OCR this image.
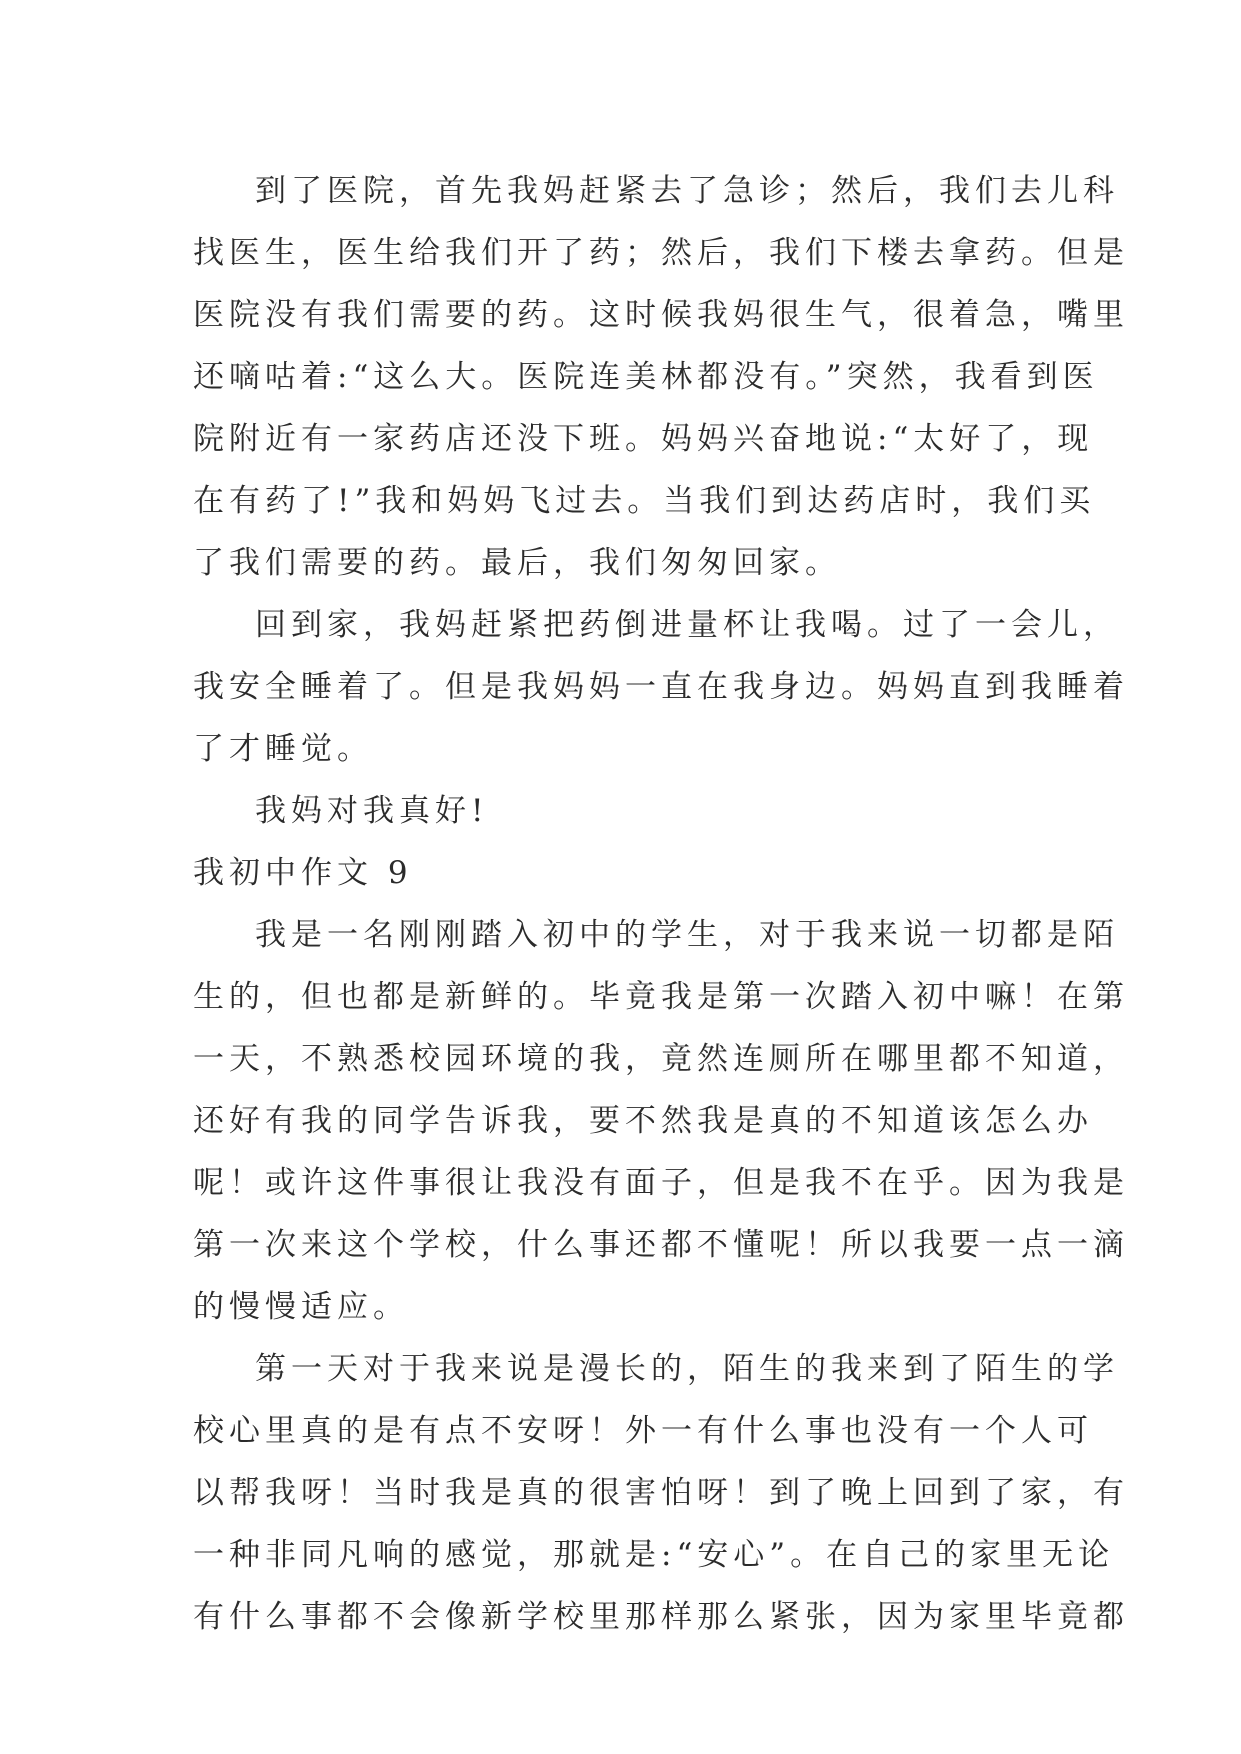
到了医院，首先我妈赶紧去了急诊；然后，我们去儿科
找医生，医生给我们开了药；然后，我们下楼去拿药。但是
医院没有我们需要的药。这时候我妈很生气，很着急，嘴里
还嘀咕着:“这么大。医院连美林都没有。”突然，我看到医
院附近有一家药店还没下班。妈妈兴奋地说:“太好了，现
在有药了!”我和妈妈飞过去。当我们到达药店时，我们买
了我们需要的药。最后，我们匆匆回家。
回到家，我妈赶紧把药倒进量杯让我喝。过了一会儿，
我安全睡着了。但是我妈妈一直在我身边。妈妈直到我睡着
了才睡觉。
我妈对我真好!
我初中作文 9
我是一名刚刚踏入初中的学生，对于我来说一切都是陌
生的，但也都是新鲜的。毕竟我是第一次踏入初中嘛！在第
一天，不熟悉校园环境的我，竟然连厕所在哪里都不知道，
还好有我的同学告诉我，要不然我是真的不知道该怎么办
呢！或许这件事很让我没有面子，但是我不在乎。因为我是
第一次来这个学校，什么事还都不懂呢！所以我要一点一滴
的慢慢适应。
第一天对于我来说是漫长的，陌生的我来到了陌生的学
校心里真的是有点不安呀！外一有什么事也没有一个人可
以帮我呀！当时我是真的很害怕呀！到了晚上回到了家，有
一种非同凡响的感觉，那就是:“安心”。在自己的家里无论
有什么事都不会像新学校里那样那么紧张，因为家里毕竟都
